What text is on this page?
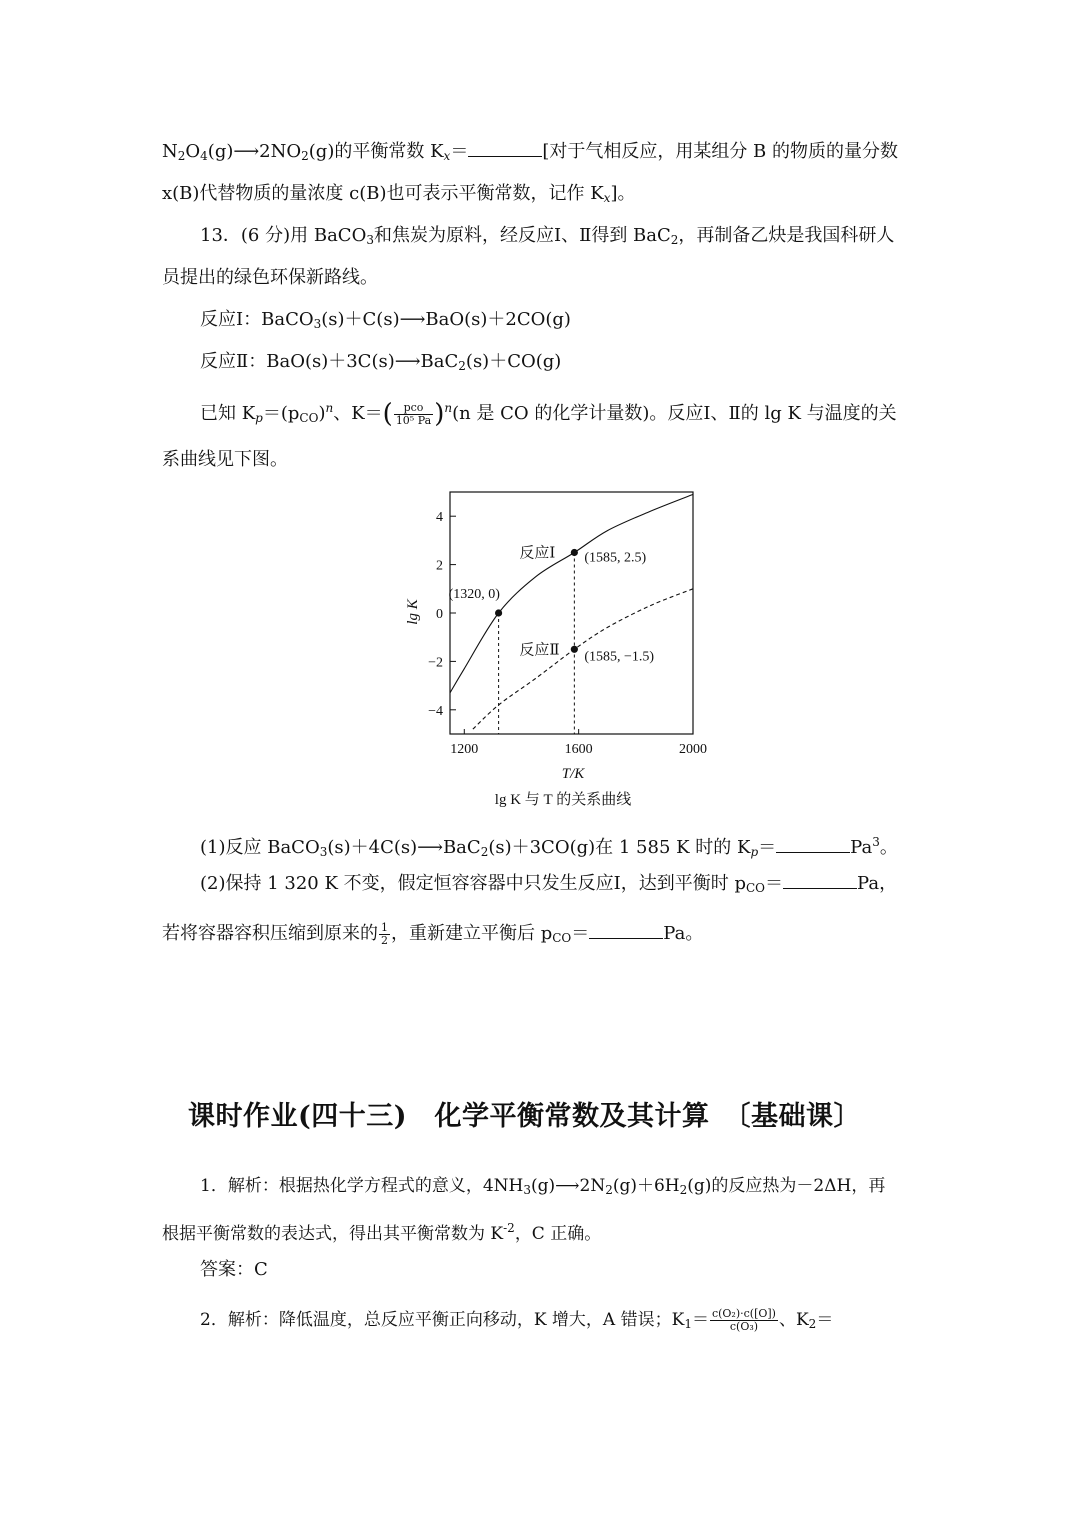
$N_2O_4(g)⟶2NO_2(g)$的平衡常数 $K_x=$	[对于气相反应，用某组分 B 的物质的量分数
x(B)代替物质的量浓度 c(B)也可表示平衡常数，记作 $K_x$]。
13．(6 分)用 BaCO$_3$和焦炭为原料，经反应Ⅰ、Ⅱ得到 BaC$_2$，再制备乙炔是我国科研人
员提出的绿色环保新路线。
反应Ⅰ：BaCO$_3$(s)＋C(s)⟶BaO(s)＋2CO(g)
反应Ⅱ：BaO(s)＋3C(s)⟶BaC$_2$(s)＋CO(g)
已知 $K_p=(p_{CO})^n$、$K=( \frac{\text{pco}}{\text{10⁵ Pa}} )^n(n$ 是 CO 的化学计量数)。反应Ⅰ、Ⅱ的 lg K 与温度的关
系曲线见下图。
1200	1600	2000
4
2
0
−2
−4
(1320, 0)
(1585, 2.5)
(1585, −1.5)
反应Ⅰ
反应Ⅱ
T/K
lg K
lg K 与 T 的关系曲线
(1)反应 BaCO$_3$(s)＋4C(s)⟶BaC$_2$(s)＋3CO(g)在 1 585 K 时的 $K_p=$	$Pa^3$。
(2)保持 1 320 K 不变，假定恒容容器中只发生反应Ⅰ，达到平衡时 $p_{CO}=$	Pa，
若将容器容积压缩到原来的 $\frac{1}{2}$ ，重新建立平衡后 $p_{CO}=$	Pa。
课时作业(四十三)　化学平衡常数及其计算　〔基础课〕
1．解析：根据热化学方程式的意义，$4NH_3(g)⟶2N_2(g)+6H_2(g)$的反应热为－2ΔH，再
根据平衡常数的表达式，得出其平衡常数为 $K^{-2}$，C 正确。
答案：C
2．解析：降低温度，总反应平衡正向移动，K 增大，A 错误；$K_1= \frac{\text{c(O₂)·c([O])}}{\text{c(O₃)}}$ 、$K_2=$
